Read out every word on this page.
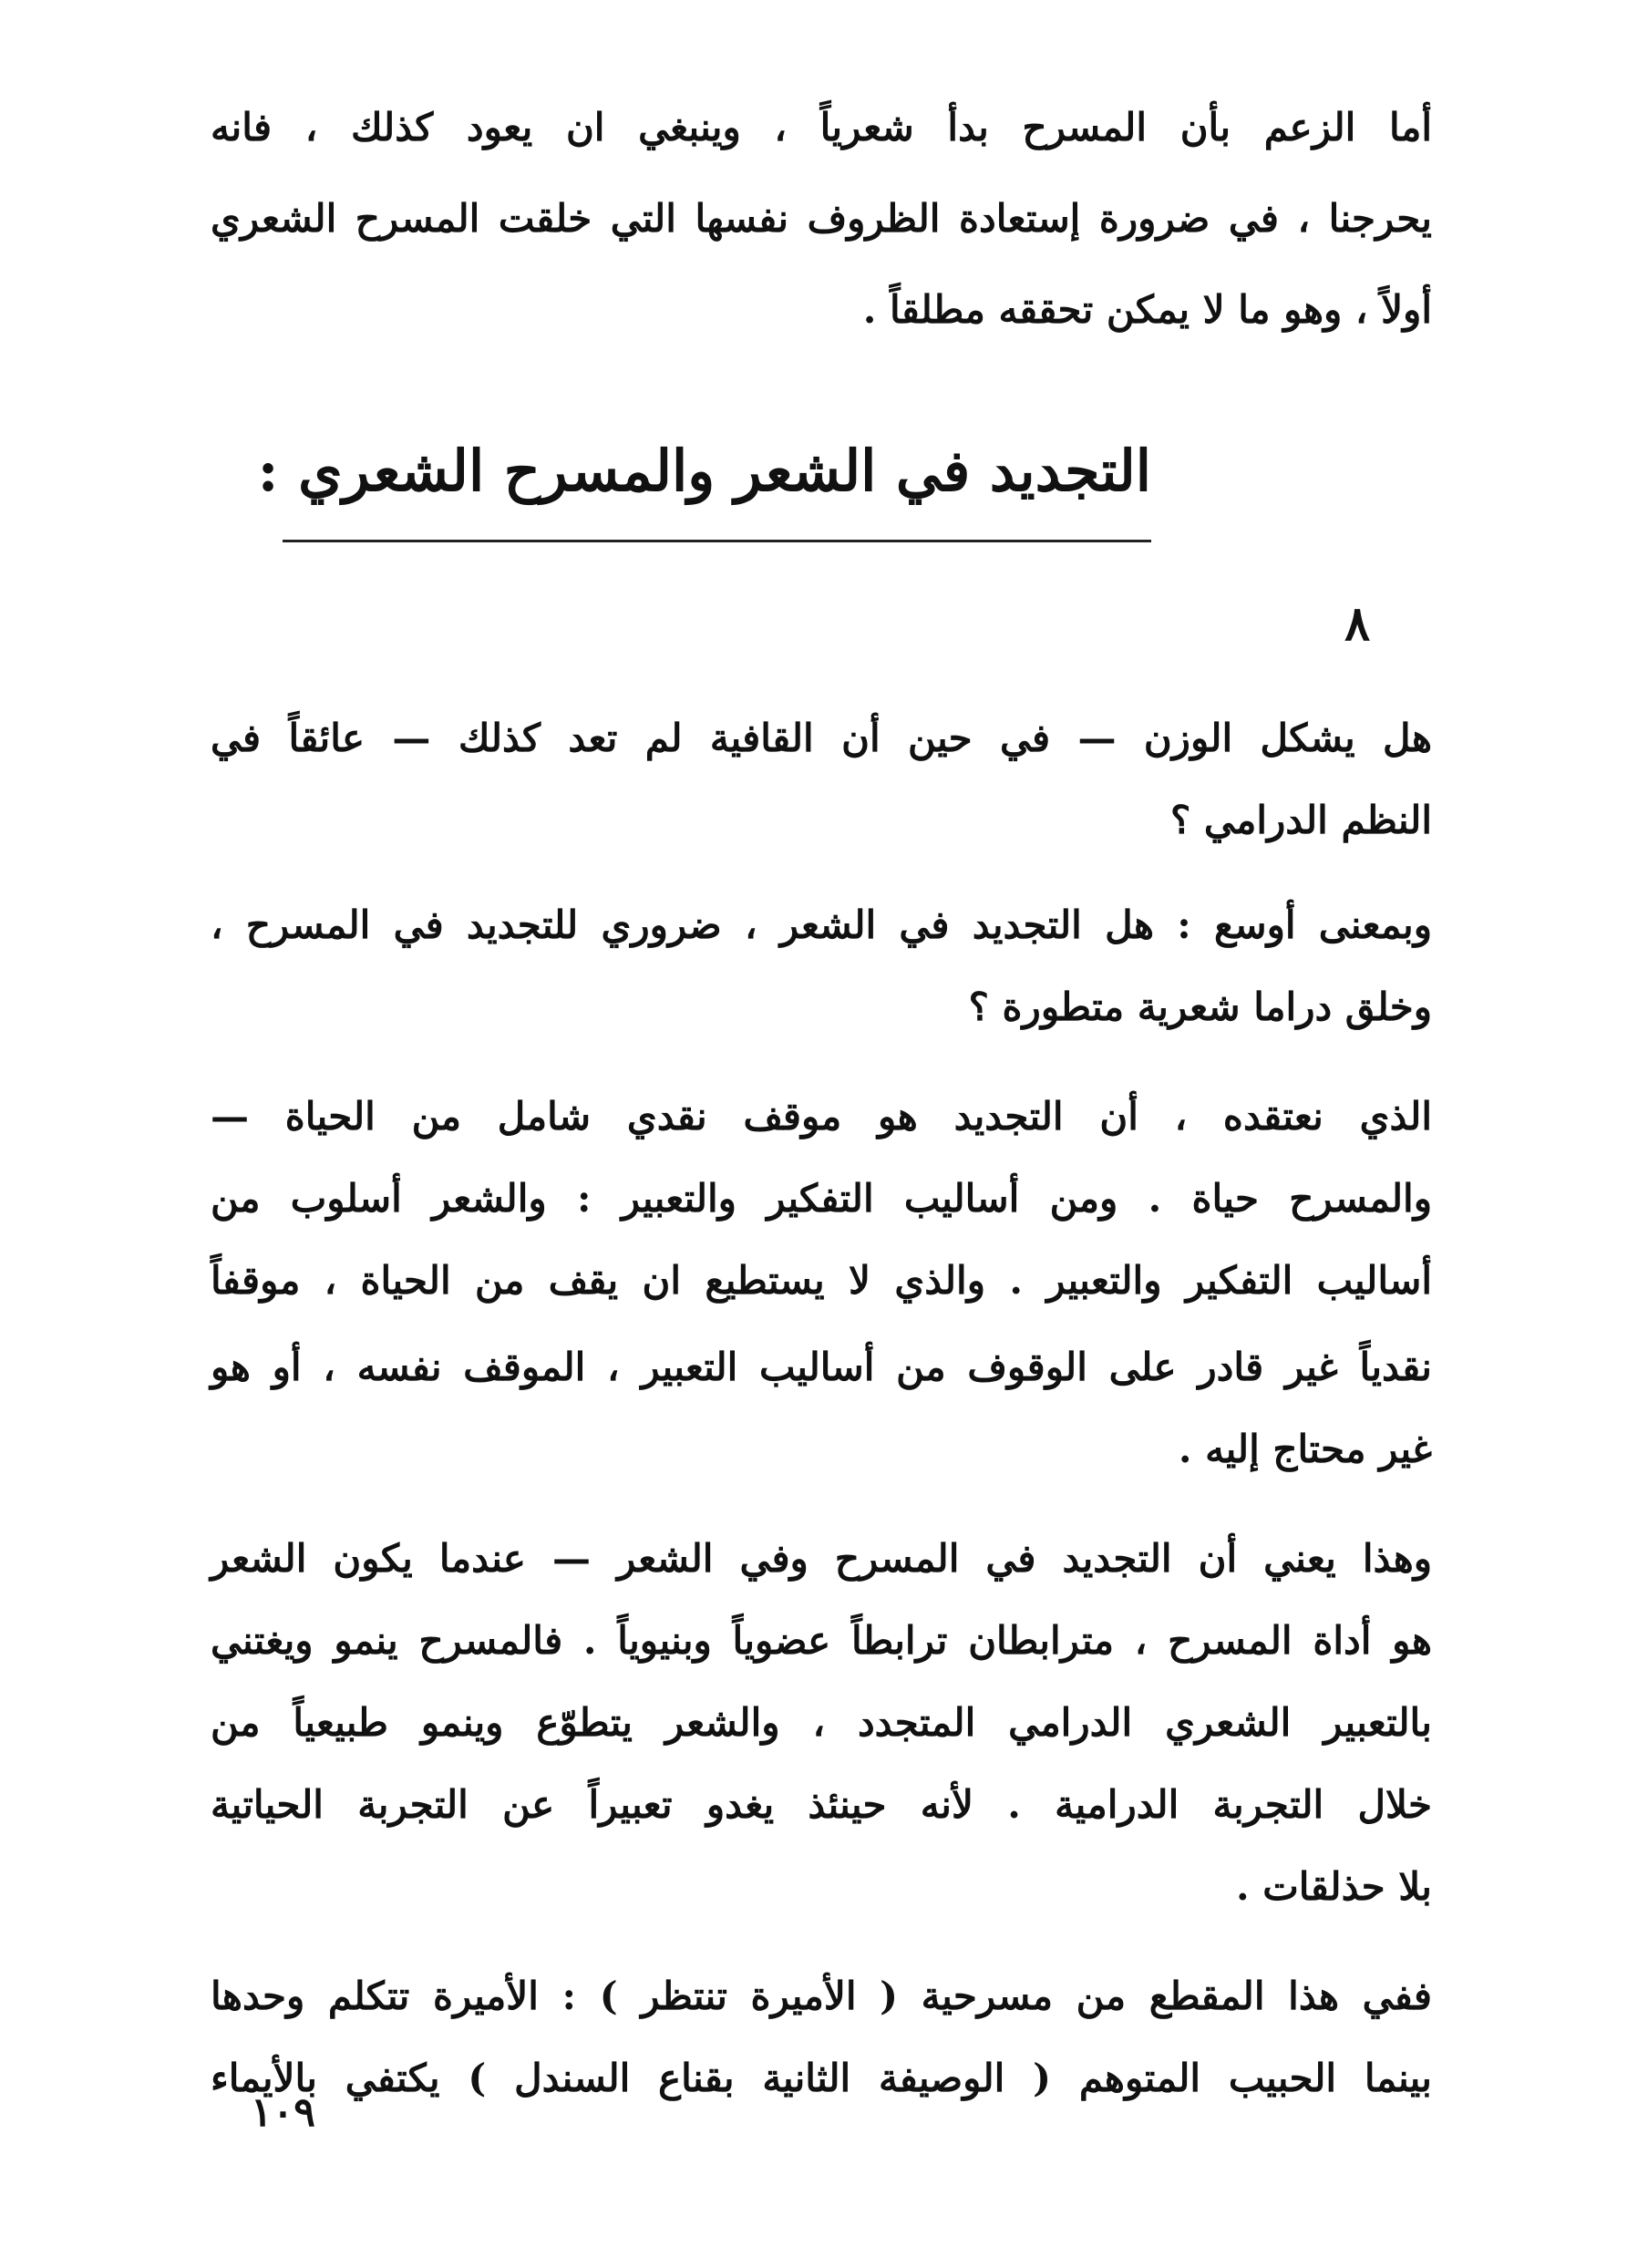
أما الزعم بأن المسرح بدأ شعرياً ، وينبغي ان يعود كذلك ، فانه
يحرجنا ، في ضرورة إستعادة الظروف نفسها التي خلقت المسرح الشعري
أولاً ، وهو ما لا يمكن تحققه مطلقاً .
التجديد في الشعر والمسرح الشعري :
٨
هل يشكل الوزن — في حين أن القافية لم تعد كذلك — عائقاً في
النظم الدرامي ؟
وبمعنى أوسع : هل التجديد في الشعر ، ضروري للتجديد في المسرح ،
وخلق دراما شعرية متطورة ؟
الذي نعتقده ، أن التجديد هو موقف نقدي شامل من الحياة —
والمسرح حياة . ومن أساليب التفكير والتعبير : والشعر أسلوب من
أساليب التفكير والتعبير . والذي لا يستطيع ان يقف من الحياة ، موقفاً
نقدياً غير قادر على الوقوف من أساليب التعبير ، الموقف نفسه ، أو هو
غير محتاج إليه .
وهذا يعني أن التجديد في المسرح وفي الشعر — عندما يكون الشعر
هو أداة المسرح ، مترابطان ترابطاً عضوياً وبنيوياً . فالمسرح ينمو ويغتني
بالتعبير الشعري الدرامي المتجدد ، والشعر يتطوّع وينمو طبيعياً من
خلال التجربة الدرامية . لأنه حينئذ يغدو تعبيراً عن التجربة الحياتية
بلا حذلقات .
ففي هذا المقطع من مسرحية ( الأميرة تنتظر ) : الأميرة تتكلم وحدها
بينما الحبيب المتوهم ( الوصيفة الثانية بقناع السندل ) يكتفي بالأيماء
١٠٩
